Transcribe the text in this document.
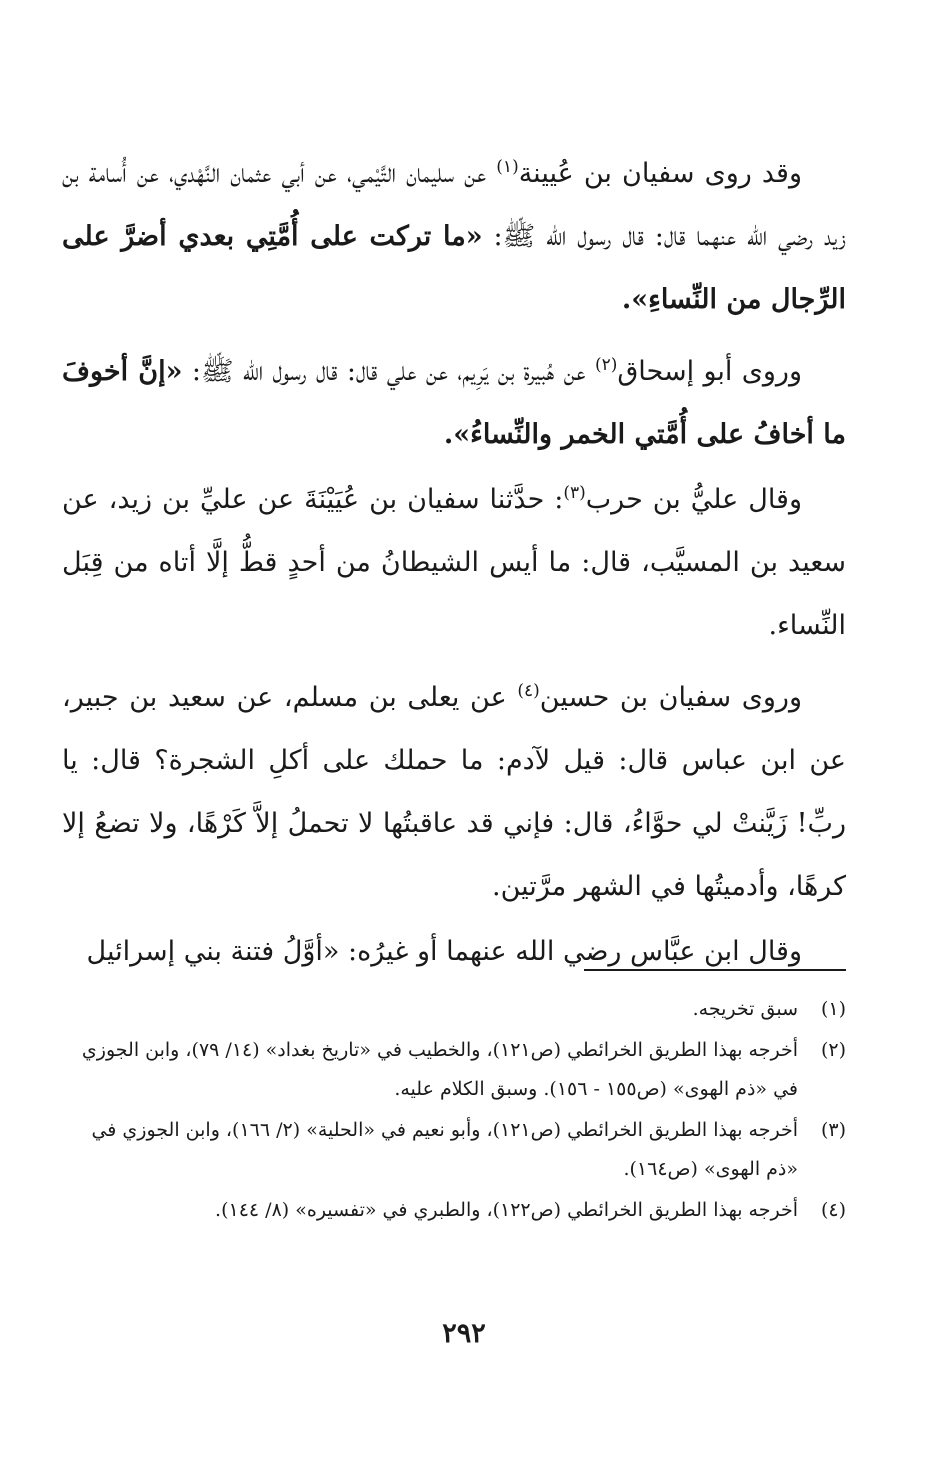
وقد روى سفيان بن عُيينة$^{(١)}$ عن سليمان التَّيْمي، عن أبي عثمان النَّهْدي، عن أُسامة بن زيد رضي الله عنهما قال: قال رسول الله ﷺ: «ما تركت على أُمَّتِي بعدي أضرَّ على الرِّجال من النِّساءِ».

وروى أبو إسحاق$^{(٢)}$ عن هُبيرة بن يَرِيم، عن علي قال: قال رسول الله ﷺ: «إنَّ أخوفَ ما أخافُ على أُمَّتي الخمر والنِّساءُ».

وقال عليُّ بن حرب$^{(٣)}$: حدَّثنا سفيان بن عُيَيْنَةَ عن عليِّ بن زيد، عن سعيد بن المسيَّب، قال: ما أيس الشيطانُ من أحدٍ قطُّ إلَّا أتاه من قِبَل النِّساء.

وروى سفيان بن حسين$^{(٤)}$ عن يعلى بن مسلم، عن سعيد بن جبير، عن ابن عباس قال: قيل لآدم: ما حملك على أكلِ الشجرة؟ قال: يا ربِّ! زَيَّنتْ لي حوَّاءُ، قال: فإني قد عاقبتُها لا تحملُ إلاَّ كَرْهًا، ولا تضعُ إلا كرهًا، وأدميتُها في الشهر مرَّتين.

وقال ابن عبَّاس رضي الله عنهما أو غيرُه: «أوَّلُ فتنة بني إسرائيل

(١)
سبق تخريجه.
(٢)
أخرجه بهذا الطريق الخرائطي (ص١٢١)، والخطيب في «تاريخ بغداد» (١٤/ ٧٩)، وابن الجوزي في «ذم الهوى» (ص١٥٥ - ١٥٦). وسبق الكلام عليه.
(٣)
أخرجه بهذا الطريق الخرائطي (ص١٢١)، وأبو نعيم في «الحلية» (٢/ ١٦٦)، وابن الجوزي في «ذم الهوى» (ص١٦٤).
(٤)
أخرجه بهذا الطريق الخرائطي (ص١٢٢)، والطبري في «تفسيره» (٨/ ١٤٤).
٢٩٢
